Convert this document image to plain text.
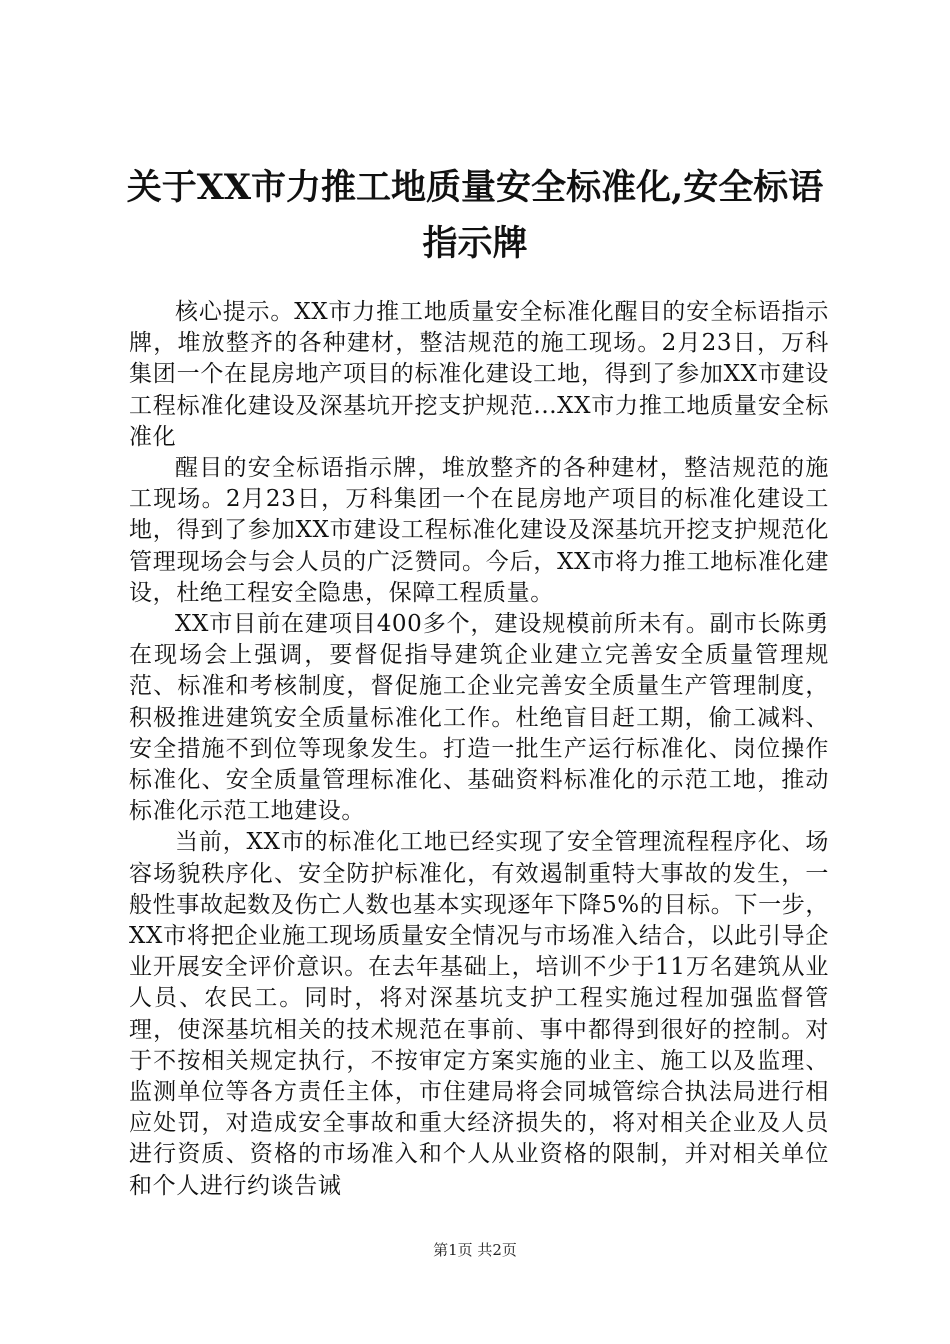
关于XX市力推工地质量安全标准化,安全标语指示牌

核心提示。XX市力推工地质量安全标准化醒目的安全标语指示牌，堆放整齐的各种建材，整洁规范的施工现场。2月23日，万科集团一个在昆房地产项目的标准化建设工地，得到了参加XX市建设工程标准化建设及深基坑开挖支护规范...XX市力推工地质量安全标准化

醒目的安全标语指示牌，堆放整齐的各种建材，整洁规范的施工现场。2月23日，万科集团一个在昆房地产项目的标准化建设工地，得到了参加XX市建设工程标准化建设及深基坑开挖支护规范化管理现场会与会人员的广泛赞同。今后，XX市将力推工地标准化建设，杜绝工程安全隐患，保障工程质量。

XX市目前在建项目400多个，建设规模前所未有。副市长陈勇在现场会上强调，要督促指导建筑企业建立完善安全质量管理规范、标准和考核制度，督促施工企业完善安全质量生产管理制度，积极推进建筑安全质量标准化工作。杜绝盲目赶工期，偷工减料、安全措施不到位等现象发生。打造一批生产运行标准化、岗位操作标准化、安全质量管理标准化、基础资料标准化的示范工地，推动标准化示范工地建设。

当前，XX市的标准化工地已经实现了安全管理流程程序化、场容场貌秩序化、安全防护标准化，有效遏制重特大事故的发生，一般性事故起数及伤亡人数也基本实现逐年下降5%的目标。下一步，XX市将把企业施工现场质量安全情况与市场准入结合，以此引导企业开展安全评价意识。在去年基础上，培训不少于11万名建筑从业人员、农民工。同时，将对深基坑支护工程实施过程加强监督管理，使深基坑相关的技术规范在事前、事中都得到很好的控制。对于不按相关规定执行，不按审定方案实施的业主、施工以及监理、监测单位等各方责任主体，市住建局将会同城管综合执法局进行相应处罚，对造成安全事故和重大经济损失的，将对相关企业及人员进行资质、资格的市场准入和个人从业资格的限制，并对相关单位和个人进行约谈告诫

第1页 共2页
